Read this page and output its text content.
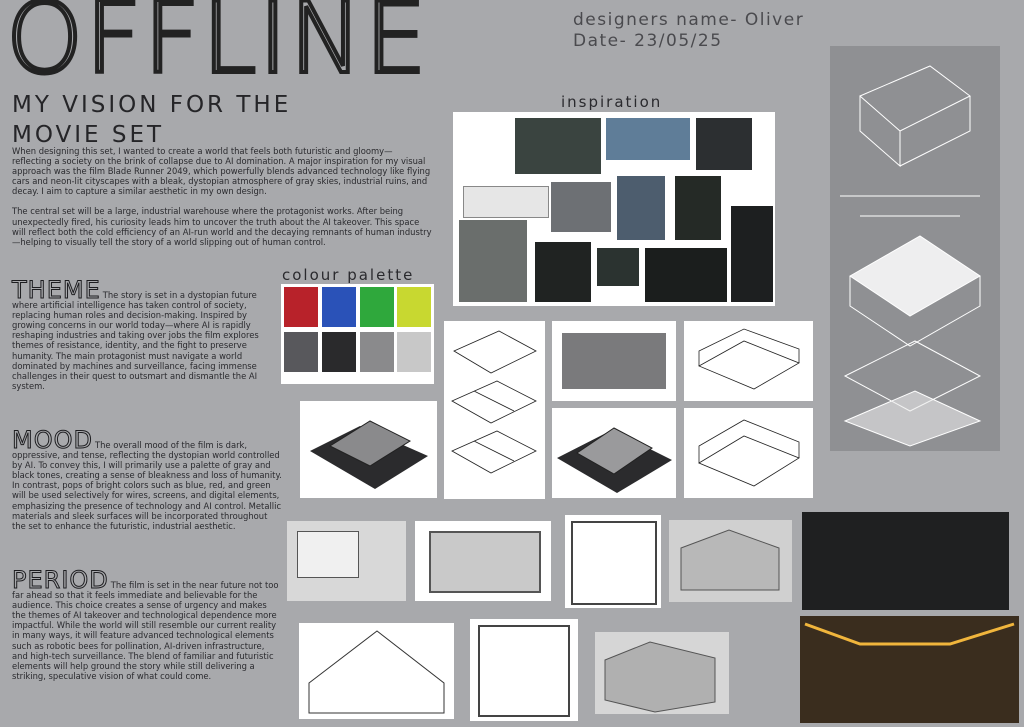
OFFLINE	designers name- Oliver
Date- 23/05/25
MY VISION FOR THE
MOVIE SET

When designing this set, I wanted to create a world that feels both futuristic and gloomy—reflecting a society on the brink of collapse due to AI domination. A major inspiration for my visual approach was the film Blade Runner 2049, which powerfully blends advanced technology like flying cars and neon-lit cityscapes with a bleak, dystopian atmosphere of gray skies, industrial ruins, and decay. I aim to capture a similar aesthetic in my own design.

The central set will be a large, industrial warehouse where the protagonist works. After being unexpectedly fired, his curiosity leads him to uncover the truth about the AI takeover. This space will reflect both the cold efficiency of an AI-run world and the decaying remnants of human industry—helping to visually tell the story of a world slipping out of human control.

THEME The story is set in a dystopian future where artificial intelligence has taken control of society, replacing human roles and decision-making. Inspired by growing concerns in our world today—where AI is rapidly reshaping industries and taking over jobs the film explores themes of resistance, identity, and the fight to preserve humanity. The main protagonist must navigate a world dominated by machines and surveillance, facing immense challenges in their quest to outsmart and dismantle the AI system.
MOOD The overall mood of the film is dark, oppressive, and tense, reflecting the dystopian world controlled by AI. To convey this, I will primarily use a palette of gray and black tones, creating a sense of bleakness and loss of humanity. In contrast, pops of bright colors such as blue, red, and green will be used selectively for wires, screens, and digital elements, emphasizing the presence of technology and AI control. Metallic materials and sleek surfaces will be incorporated throughout the set to enhance the futuristic, industrial aesthetic.
PERIOD The film is set in the near future not too far ahead so that it feels immediate and believable for the audience. This choice creates a sense of urgency and makes the themes of AI takeover and technological dependence more impactful. While the world will still resemble our current reality in many ways, it will feature advanced technological elements such as robotic bees for pollination, AI-driven infrastructure, and high-tech surveillance. The blend of familiar and futuristic elements will help ground the story while still delivering a striking, speculative vision of what could come.
inspiration
colour palette
